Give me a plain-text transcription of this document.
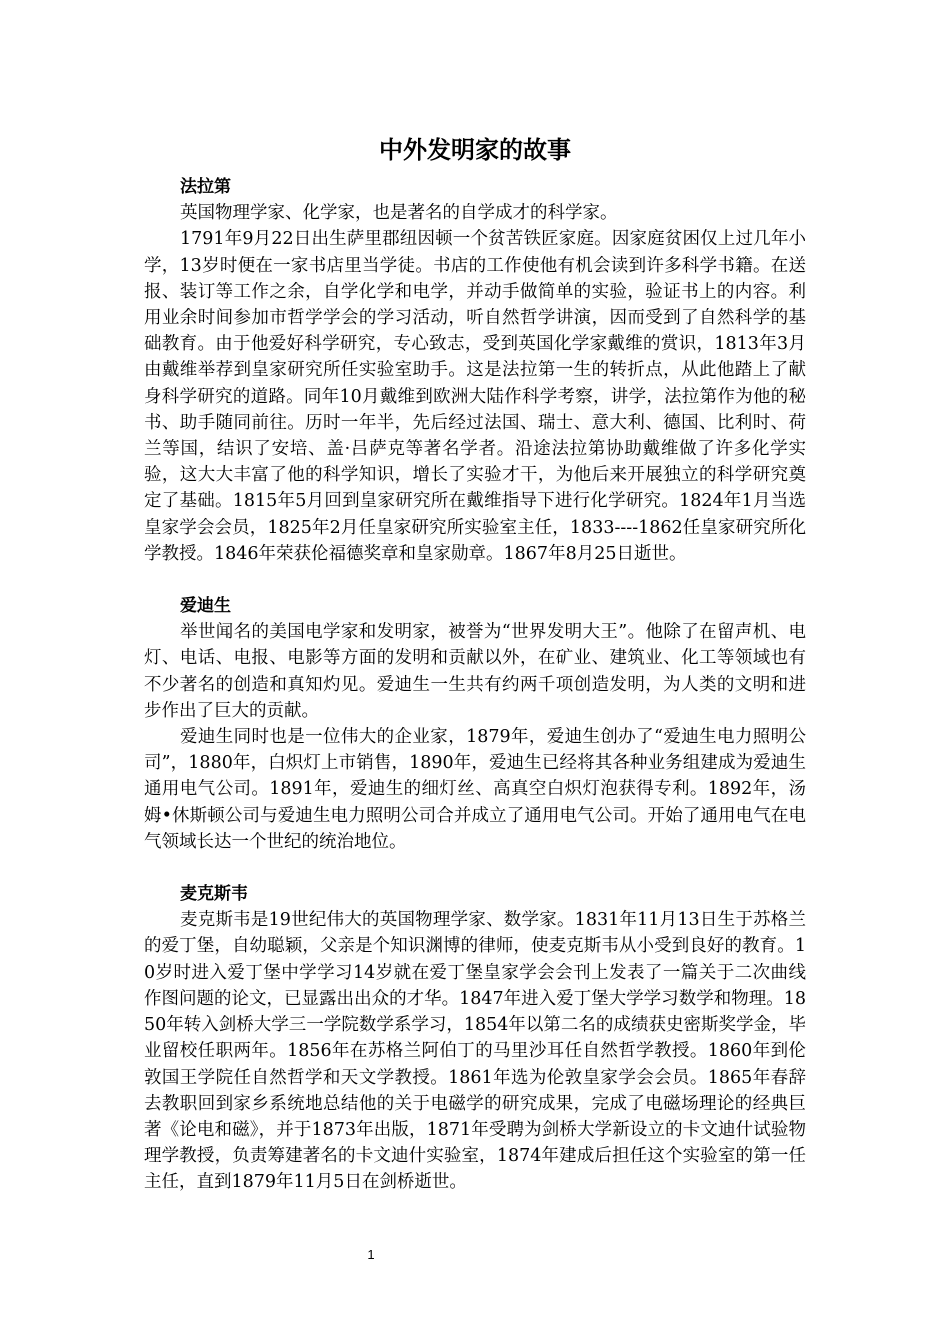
中外发明家的故事

法拉第

英国物理学家、化学家，也是著名的自学成才的科学家。

1791年9月22日出生萨里郡纽因顿一个贫苦铁匠家庭。因家庭贫困仅上过几年小学，13岁时便在一家书店里当学徒。书店的工作使他有机会读到许多科学书籍。在送报、装订等工作之余，自学化学和电学，并动手做简单的实验，验证书上的内容。利用业余时间参加市哲学学会的学习活动，听自然哲学讲演，因而受到了自然科学的基础教育。由于他爱好科学研究，专心致志，受到英国化学家戴维的赏识，1813年3月由戴维举荐到皇家研究所任实验室助手。这是法拉第一生的转折点，从此他踏上了献身科学研究的道路。同年10月戴维到欧洲大陆作科学考察，讲学，法拉第作为他的秘书、助手随同前往。历时一年半，先后经过法国、瑞士、意大利、德国、比利时、荷兰等国，结识了安培、盖·吕萨克等著名学者。沿途法拉第协助戴维做了许多化学实验，这大大丰富了他的科学知识，增长了实验才干，为他后来开展独立的科学研究奠定了基础。1815年5月回到皇家研究所在戴维指导下进行化学研究。1824年1月当选皇家学会会员，1825年2月任皇家研究所实验室主任，1833----1862任皇家研究所化学教授。1846年荣获伦福德奖章和皇家勋章。1867年8月25日逝世。

爱迪生

举世闻名的美国电学家和发明家，被誉为“世界发明大王”。他除了在留声机、电灯、电话、电报、电影等方面的发明和贡献以外，在矿业、建筑业、化工等领域也有不少著名的创造和真知灼见。爱迪生一生共有约两千项创造发明，为人类的文明和进步作出了巨大的贡献。

爱迪生同时也是一位伟大的企业家，1879年，爱迪生创办了“爱迪生电力照明公司”，1880年，白炽灯上市销售，1890年，爱迪生已经将其各种业务组建成为爱迪生通用电气公司。1891年，爱迪生的细灯丝、高真空白炽灯泡获得专利。1892年，汤姆•休斯顿公司与爱迪生电力照明公司合并成立了通用电气公司。开始了通用电气在电气领域长达一个世纪的统治地位。

麦克斯韦

麦克斯韦是19世纪伟大的英国物理学家、数学家。1831年11月13日生于苏格兰的爱丁堡，自幼聪颖，父亲是个知识渊博的律师，使麦克斯韦从小受到良好的教育。10岁时进入爱丁堡中学学习14岁就在爱丁堡皇家学会会刊上发表了一篇关于二次曲线作图问题的论文，已显露出出众的才华。1847年进入爱丁堡大学学习数学和物理。1850年转入剑桥大学三一学院数学系学习，1854年以第二名的成绩获史密斯奖学金，毕业留校任职两年。1856年在苏格兰阿伯丁的马里沙耳任自然哲学教授。1860年到伦敦国王学院任自然哲学和天文学教授。1861年选为伦敦皇家学会会员。1865年春辞去教职回到家乡系统地总结他的关于电磁学的研究成果，完成了电磁场理论的经典巨著《论电和磁》，并于1873年出版，1871年受聘为剑桥大学新设立的卡文迪什试验物理学教授，负责筹建著名的卡文迪什实验室，1874年建成后担任这个实验室的第一任主任，直到1879年11月5日在剑桥逝世。

1
